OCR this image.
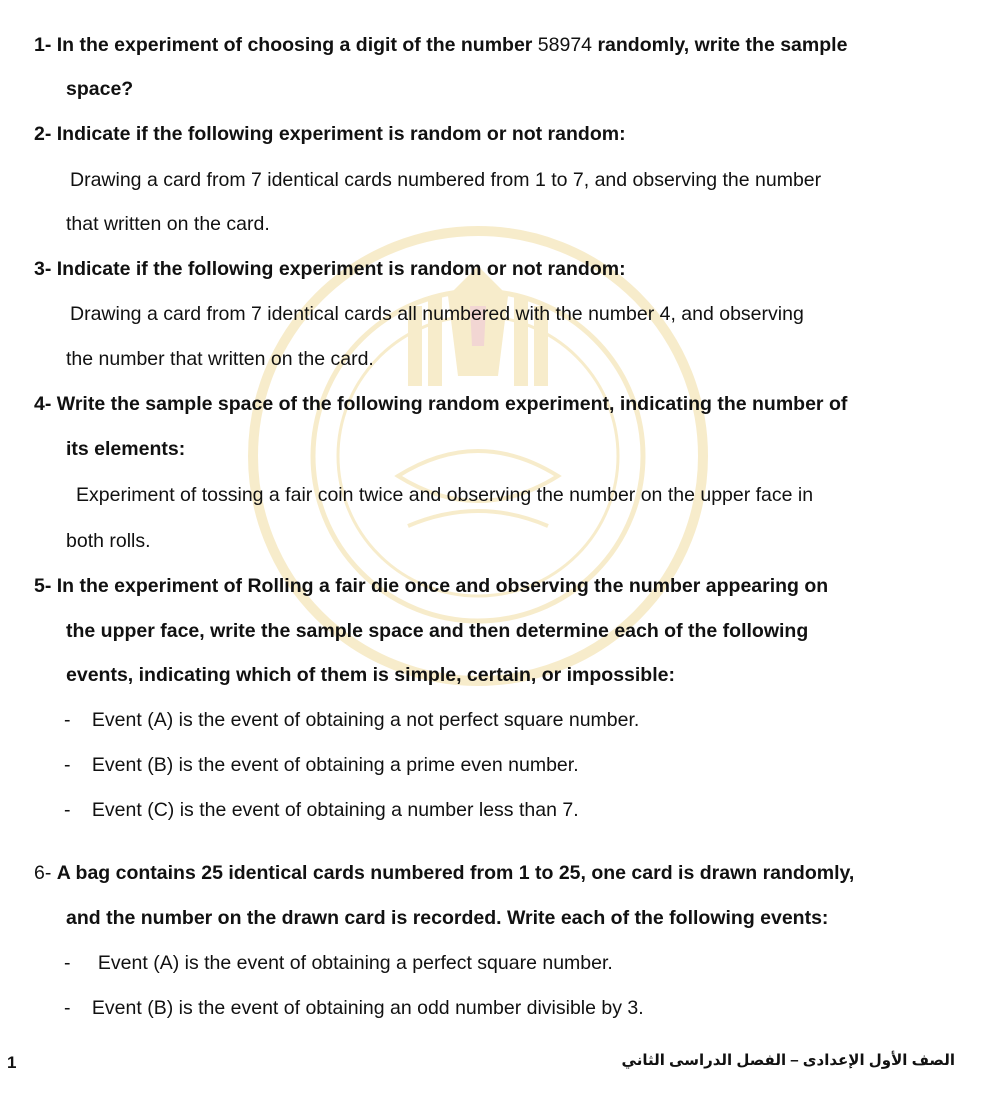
1- In the experiment of choosing a digit of the number 58974 randomly, write the sample
space?
2- Indicate if the following experiment is random or not random:
Drawing a card from 7 identical cards numbered from 1 to 7, and observing the number
that written on the card.
3- Indicate if the following experiment is random or not random:
Drawing a card from 7 identical cards all numbered with the number 4, and observing
the number that written on the card.
4- Write the sample space of the following random experiment, indicating the number of
its elements:
Experiment of tossing a fair coin twice and observing the number on the upper face in
both rolls.
5- In the experiment of Rolling a fair die once and observing the number appearing on
the upper face, write the sample space and then determine each of the following
events, indicating which of them is simple, certain, or impossible:
- Event (A) is the event of obtaining a not perfect square number.
- Event (B) is the event of obtaining a prime even number.
- Event (C) is the event of obtaining a number less than 7.
6- A bag contains 25 identical cards numbered from 1 to 25, one card is drawn randomly,
and the number on the drawn card is recorded. Write each of the following events:
- Event (A) is the event of obtaining a perfect square number.
- Event (B) is the event of obtaining an odd number divisible by 3.
1	الصف الأول الإعدادى – الفصل الدراسى الثاني
